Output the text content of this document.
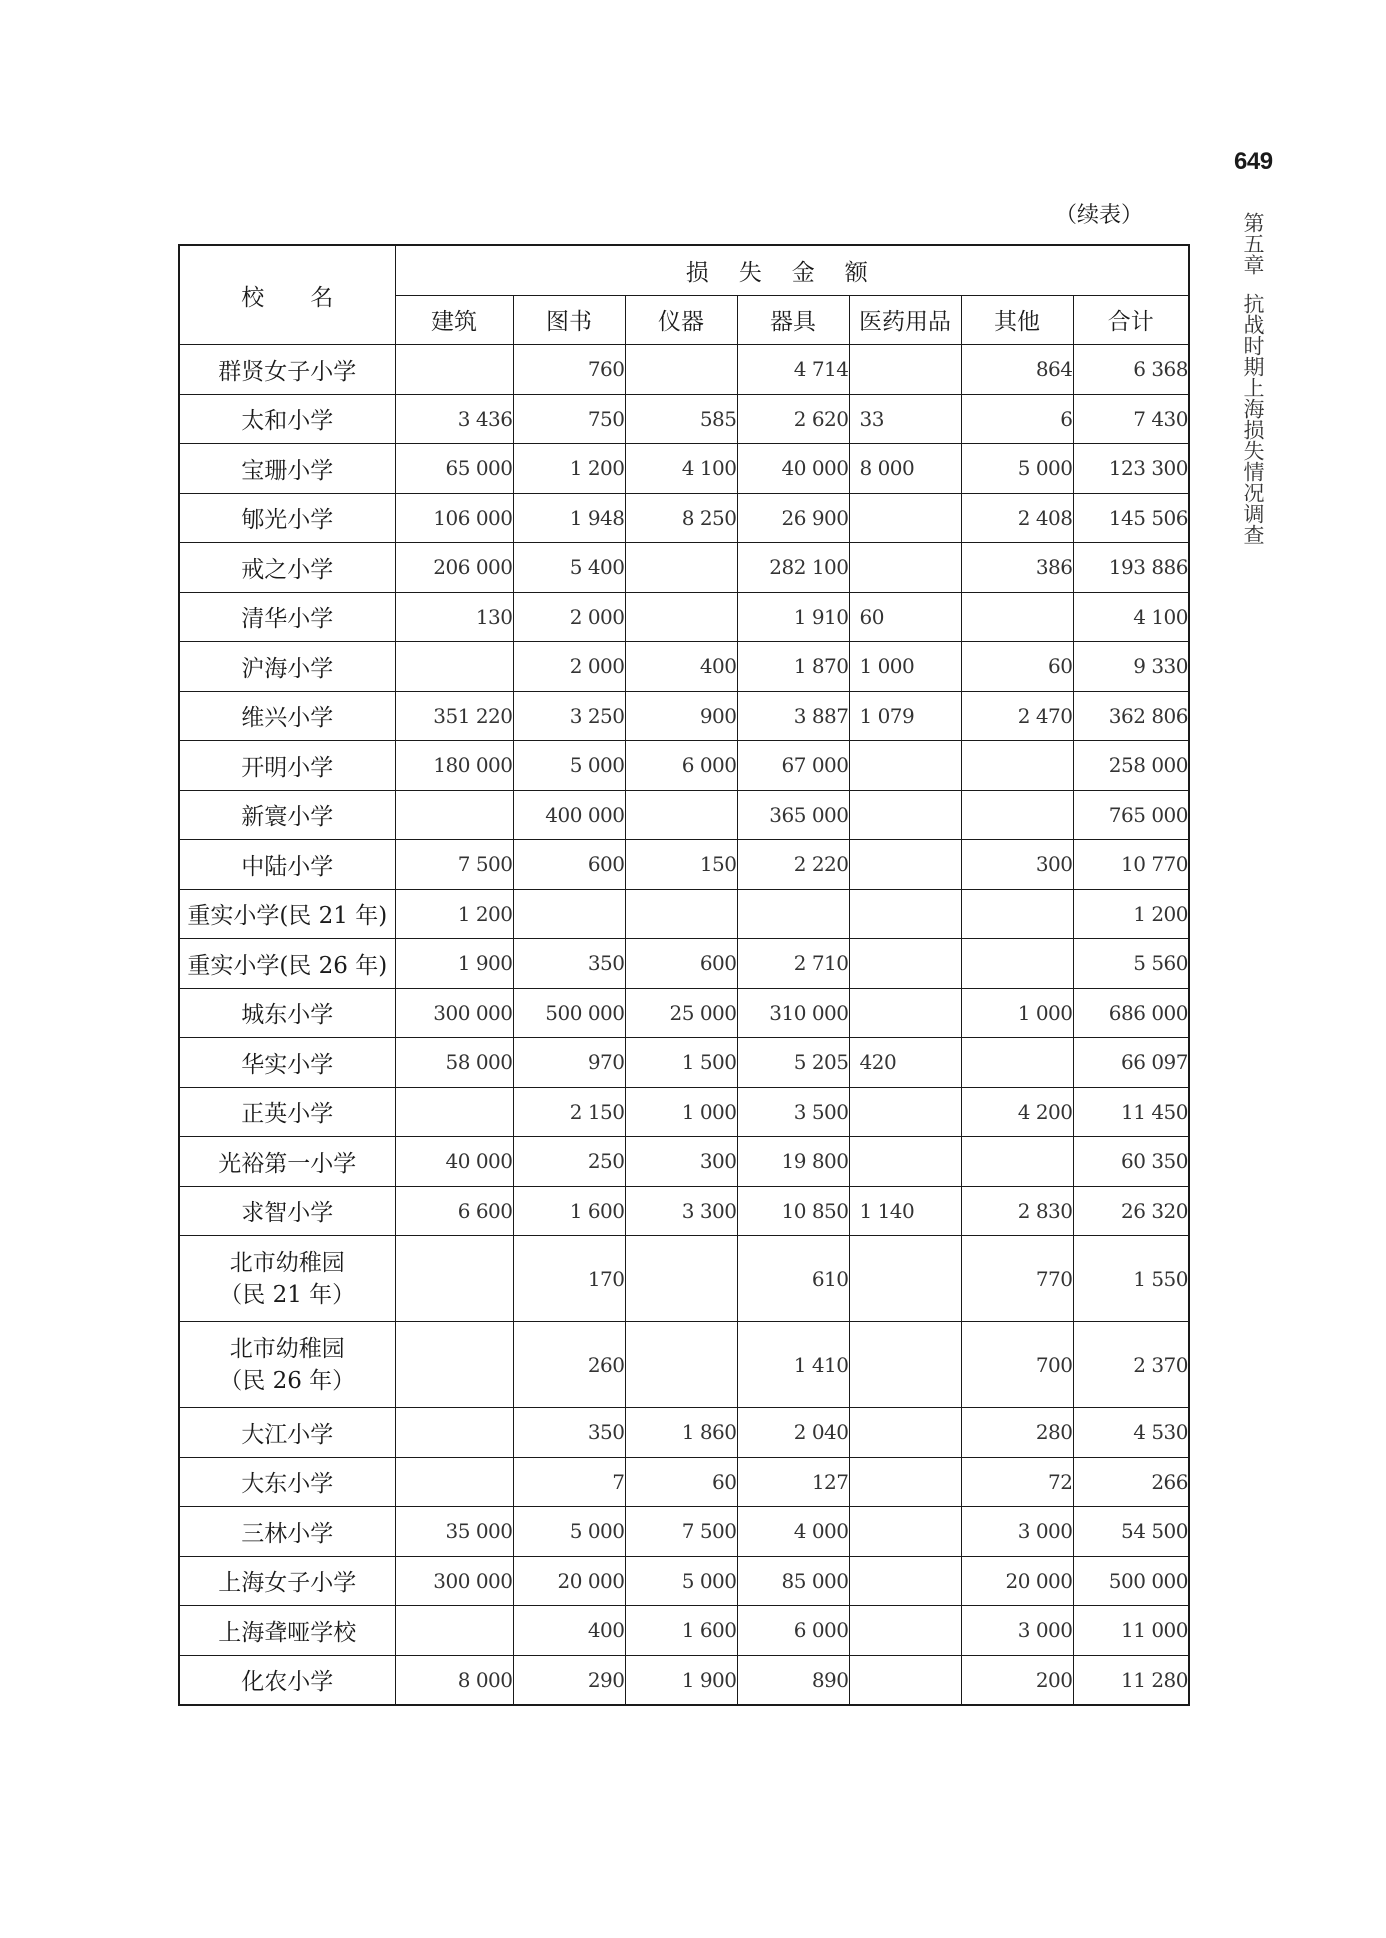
649
第五章抗战时期上海损失情况调查
（续表）
校　　名	损失金额						
	建筑	图书	仪器	器具	医药用品	其他	合计
群贤女子小学		760		4 714		864	6 368
太和小学	3 436	750	585	2 620	33	6	7 430
宝珊小学	65 000	1 200	4 100	40 000	8 000	5 000	123 300
郇光小学	106 000	1 948	8 250	26 900		2 408	145 506
戒之小学	206 000	5 400		282 100		386	193 886
清华小学	130	2 000		1 910	60		4 100
沪海小学		2 000	400	1 870	1 000	60	9 330
维兴小学	351 220	3 250	900	3 887	1 079	2 470	362 806
开明小学	180 000	5 000	6 000	67 000			258 000
新寰小学		400 000		365 000			765 000
中陆小学	7 500	600	150	2 220		300	10 770
重实小学(民 21 年)	1 200						1 200
重实小学(民 26 年)	1 900	350	600	2 710			5 560
城东小学	300 000	500 000	25 000	310 000		1 000	686 000
华实小学	58 000	970	1 500	5 205	420		66 097
正英小学		2 150	1 000	3 500		4 200	11 450
光裕第一小学	40 000	250	300	19 800			60 350
求智小学	6 600	1 600	3 300	10 850	1 140	2 830	26 320
北市幼稚园
（民 21 年）		170		610		770	1 550
北市幼稚园
（民 26 年）		260		1 410		700	2 370
大江小学		350	1 860	2 040		280	4 530
大东小学		7	60	127		72	266
三林小学	35 000	5 000	7 500	4 000		3 000	54 500
上海女子小学	300 000	20 000	5 000	85 000		20 000	500 000
上海聋哑学校		400	1 600	6 000		3 000	11 000
化农小学	8 000	290	1 900	890		200	11 280
